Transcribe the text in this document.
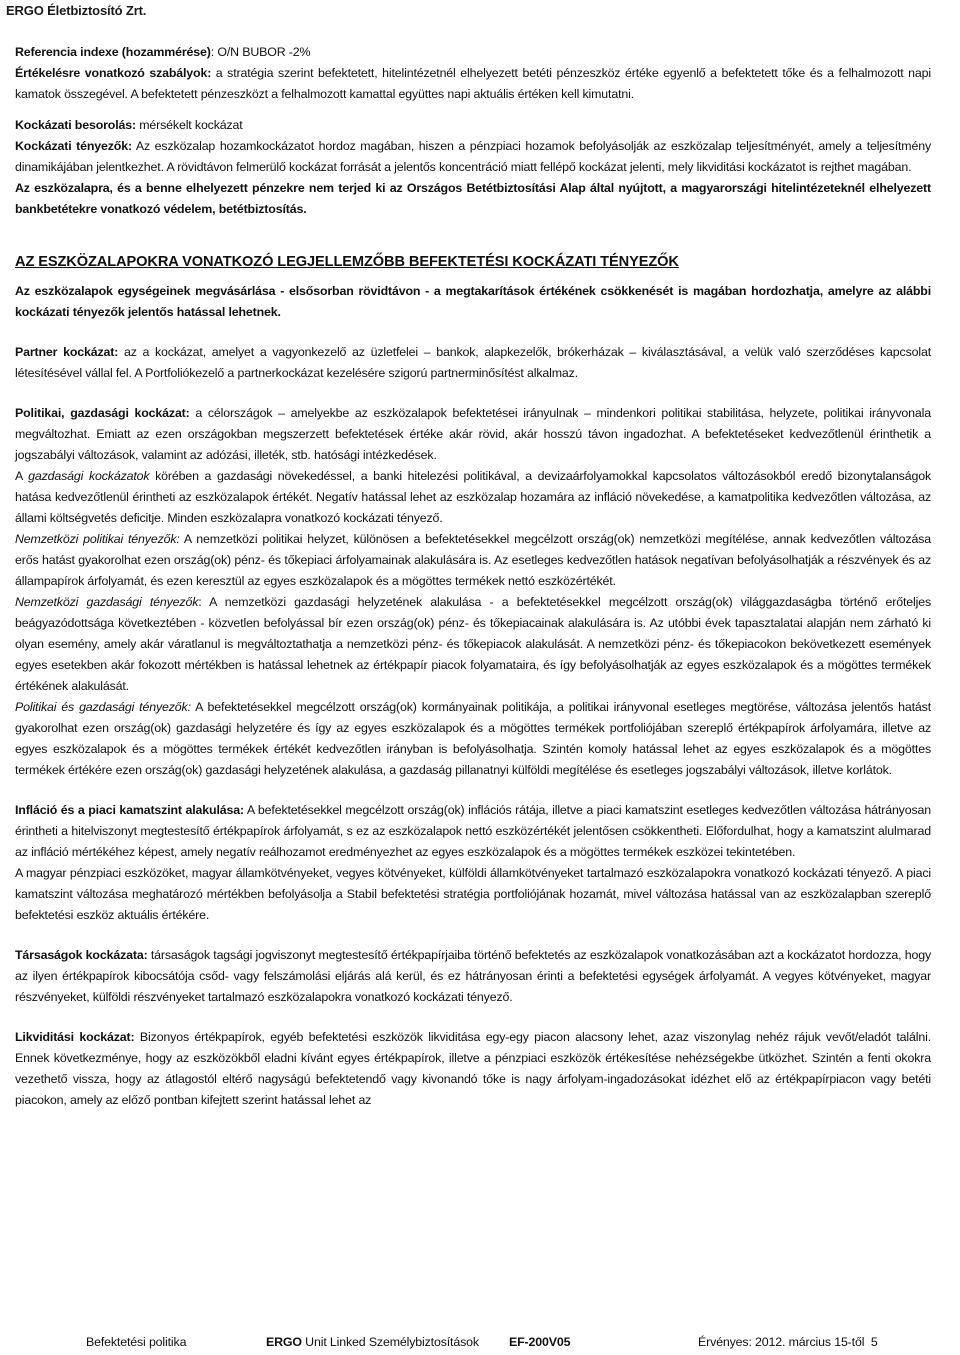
ERGO Életbiztosító Zrt.

Referencia indexe (hozammérése): O/N BUBOR -2%

Értékelésre vonatkozó szabályok: a stratégia szerint befektetett, hitelintézetnél elhelyezett betéti pénzeszköz értéke egyenlő a befektetett tőke és a felhalmozott napi kamatok összegével. A befektetett pénzeszközt a felhalmozott kamattal együttes napi aktuális értéken kell kimutatni.

Kockázati besorolás: mérsékelt kockázat

Kockázati tényezők: Az eszközalap hozamkockázatot hordoz magában, hiszen a pénzpiaci hozamok befolyásolják az eszközalap teljesítményét, amely a teljesítmény dinamikájában jelentkezhet. A rövidtávon felmerülő kockázat forrását a jelentős koncentráció miatt fellépő kockázat jelenti, mely likviditási kockázatot is rejthet magában.

Az eszközalapra, és a benne elhelyezett pénzekre nem terjed ki az Országos Betétbiztosítási Alap által nyújtott, a magyarországi hitelintézeteknél elhelyezett bankbetétekre vonatkozó védelem, betétbiztosítás.

AZ ESZKÖZALAPOKRA VONATKOZÓ LEGJELLEMZŐBB BEFEKTETÉSI KOCKÁZATI TÉNYEZŐK

Az eszközalapok egységeinek megvásárlása - elsősorban rövidtávon - a megtakarítások értékének csökkenését is magában hordozhatja, amelyre az alábbi kockázati tényezők jelentős hatással lehetnek.

Partner kockázat: az a kockázat, amelyet a vagyonkezelő az üzletfelei – bankok, alapkezelők, brókerházak – kiválasztásával, a velük való szerződéses kapcsolat létesítésével vállal fel. A Portfoliókezelő a partnerkockázat kezelésére szigorú partnerminősítést alkalmaz.

Politikai, gazdasági kockázat: a célországok – amelyekbe az eszközalapok befektetései irányulnak – mindenkori politikai stabilitása, helyzete, politikai irányvonala megváltozhat. Emiatt az ezen országokban megszerzett befektetések értéke akár rövid, akár hosszú távon ingadozhat. A befektetéseket kedvezőtlenül érinthetik a jogszabályi változások, valamint az adózási, illeték, stb. hatósági intézkedések.

A gazdasági kockázatok körében a gazdasági növekedéssel, a banki hitelezési politikával, a devizaárfolyamokkal kapcsolatos változásokból eredő bizonytalanságok hatása kedvezőtlenül érintheti az eszközalapok értékét. Negatív hatással lehet az eszközalap hozamára az infláció növekedése, a kamatpolitika kedvezőtlen változása, az állami költségvetés deficitje. Minden eszközalapra vonatkozó kockázati tényező.

Nemzetközi politikai tényezők: A nemzetközi politikai helyzet, különösen a befektetésekkel megcélzott ország(ok) nemzetközi megítélése, annak kedvezőtlen változása erős hatást gyakorolhat ezen ország(ok) pénz- és tőkepiaci árfolyamainak alakulására is. Az esetleges kedvezőtlen hatások negatívan befolyásolhatják a részvények és az állampapírok árfolyamát, és ezen keresztül az egyes eszközalapok és a mögöttes termékek nettó eszközértékét.

Nemzetközi gazdasági tényezők: A nemzetközi gazdasági helyzetének alakulása - a befektetésekkel megcélzott ország(ok) világgazdaságba történő erőteljes beágyazódottsága következtében - közvetlen befolyással bír ezen ország(ok) pénz- és tőkepiacainak alakulására is. Az utóbbi évek tapasztalatai alapján nem zárható ki olyan esemény, amely akár váratlanul is megváltoztathatja a nemzetközi pénz- és tőkepiacok alakulását. A nemzetközi pénz- és tőkepiacokon bekövetkezett események egyes esetekben akár fokozott mértékben is hatással lehetnek az értékpapír piacok folyamataira, és így befolyásolhatják az egyes eszközalapok és a mögöttes termékek értékének alakulását.

Politikai és gazdasági tényezők: A befektetésekkel megcélzott ország(ok) kormányainak politikája, a politikai irányvonal esetleges megtörése, változása jelentős hatást gyakorolhat ezen ország(ok) gazdasági helyzetére és így az egyes eszközalapok és a mögöttes termékek portfoliójában szereplő értékpapírok árfolyamára, illetve az egyes eszközalapok és a mögöttes termékek értékét kedvezőtlen irányban is befolyásolhatja. Szintén komoly hatással lehet az egyes eszközalapok és a mögöttes termékek értékére ezen ország(ok) gazdasági helyzetének alakulása, a gazdaság pillanatnyi külföldi megítélése és esetleges jogszabályi változások, illetve korlátok.

Infláció és a piaci kamatszint alakulása: A befektetésekkel megcélzott ország(ok) inflációs rátája, illetve a piaci kamatszint esetleges kedvezőtlen változása hátrányosan érintheti a hitelviszonyt megtestesítő értékpapírok árfolyamát, s ez az eszközalapok nettó eszközértékét jelentősen csökkentheti. Előfordulhat, hogy a kamatszint alulmarad az infláció mértékéhez képest, amely negatív reálhozamot eredményezhet az egyes eszközalapok és a mögöttes termékek eszközei tekintetében.

A magyar pénzpiaci eszközöket, magyar államkötvényeket, vegyes kötvényeket, külföldi államkötvényeket tartalmazó eszközalapokra vonatkozó kockázati tényező. A piaci kamatszint változása meghatározó mértékben befolyásolja a Stabil befektetési stratégia portfoliójának hozamát, mivel változása hatással van az eszközalapban szereplő befektetési eszköz aktuális értékére.

Társaságok kockázata: társaságok tagsági jogviszonyt megtestesítő értékpapírjaiba történő befektetés az eszközalapok vonatkozásában azt a kockázatot hordozza, hogy az ilyen értékpapírok kibocsátója csőd- vagy felszámolási eljárás alá kerül, és ez hátrányosan érinti a befektetési egységek árfolyamát. A vegyes kötvényeket, magyar részvényeket, külföldi részvényeket tartalmazó eszközalapokra vonatkozó kockázati tényező.

Likviditási kockázat: Bizonyos értékpapírok, egyéb befektetési eszközök likviditása egy-egy piacon alacsony lehet, azaz viszonylag nehéz rájuk vevőt/eladót találni. Ennek következménye, hogy az eszközökből eladni kívánt egyes értékpapírok, illetve a pénzpiaci eszközök értékesítése nehézségekbe ütközhet. Szintén a fenti okokra vezethető vissza, hogy az átlagostól eltérő nagyságú befektetendő vagy kivonandó tőke is nagy árfolyam-ingadozásokat idézhet elő az értékpapírpiacon vagy betéti piacokon, amely az előző pontban kifejtett szerint hatással lehet az

Befektetési politika	ERGO Unit Linked Személybiztosítások EF-200V05	Érvényes: 2012. március 15-től 5
